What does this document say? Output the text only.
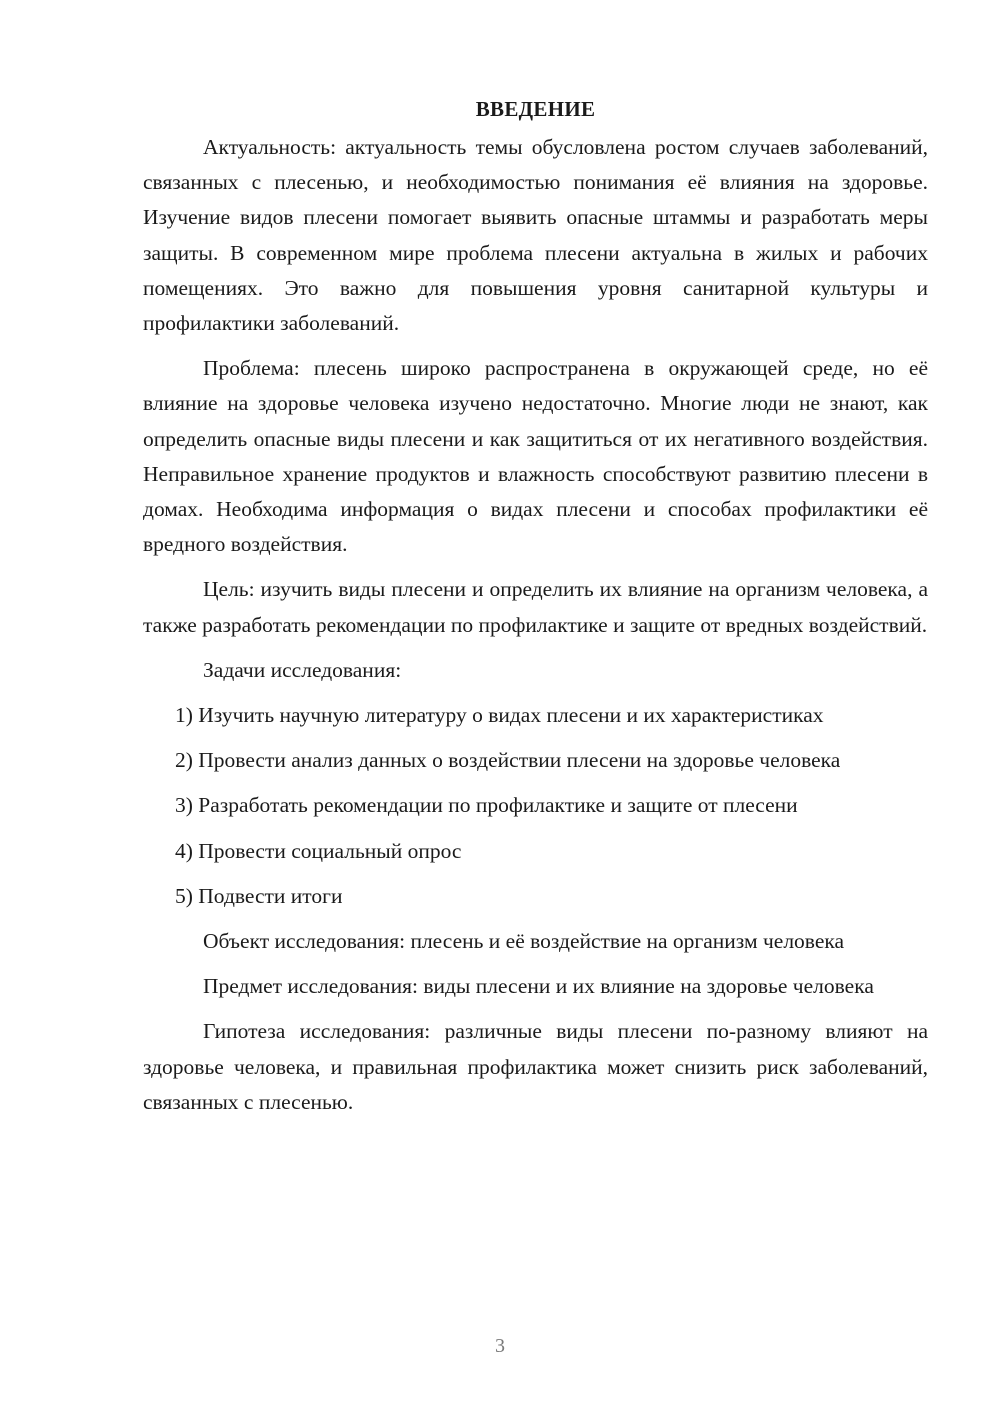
ВВЕДЕНИЕ

Актуальность: актуальность темы обусловлена ростом случаев заболеваний, связанных с плесенью, и необходимостью понимания её влияния на здоровье. Изучение видов плесени помогает выявить опасные штаммы и разработать меры защиты. В современном мире проблема плесени актуальна в жилых и рабочих помещениях. Это важно для повышения уровня санитарной культуры и профилактики заболеваний.

Проблема: плесень широко распространена в окружающей среде, но её влияние на здоровье человека изучено недостаточно. Многие люди не знают, как определить опасные виды плесени и как защититься от их негативного воздействия. Неправильное хранение продуктов и влажность способствуют развитию плесени в домах. Необходима информация о видах плесени и способах профилактики её вредного воздействия.

Цель: изучить виды плесени и определить их влияние на организм человека, а также разработать рекомендации по профилактике и защите от вредных воздействий.

Задачи исследования:

1) Изучить научную литературу о видах плесени и их характеристиках

2) Провести анализ данных о воздействии плесени на здоровье человека

3) Разработать рекомендации по профилактике и защите от плесени

4) Провести социальный опрос

5) Подвести итоги

Объект исследования: плесень и её воздействие на организм человека

Предмет исследования: виды плесени и их влияние на здоровье человека

Гипотеза исследования: различные виды плесени по-разному влияют на здоровье человека, и правильная профилактика может снизить риск заболеваний, связанных с плесенью.

3
